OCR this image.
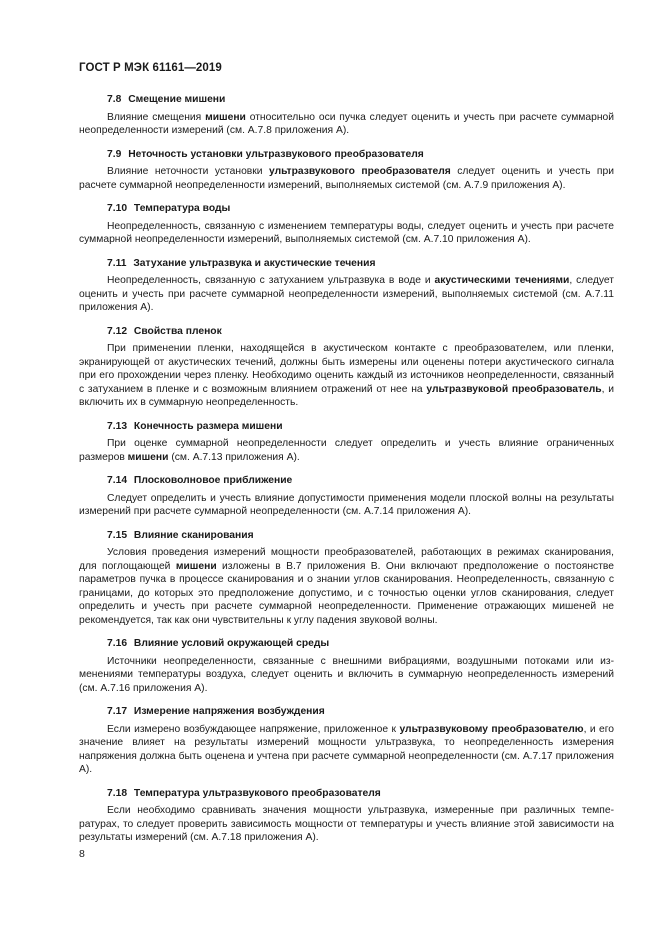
ГОСТ Р МЭК 61161—2019
7.8 Смещение мишени

Влияние смещения мишени относительно оси пучка следует оценить и учесть при расчете суммарной неопределенности измерений (см. А.7.8 приложения А).

7.9 Неточность установки ультразвукового преобразователя

Влияние неточности установки ультразвукового преобразователя следует оценить и учесть при расчете суммарной неопределенности измерений, выполняемых системой (см. А.7.9 приложения А).

7.10 Температура воды

Неопределенность, связанную с изменением температуры воды, следует оценить и учесть при расчете суммарной неопределенности измерений, выполняемых системой (см. А.7.10 приложения А).

7.11 Затухание ультразвука и акустические течения

Неопределенность, связанную с затуханием ультразвука в воде и акустическими течениями, следует оценить и учесть при расчете суммарной неопределенности измерений, выполняемых системой (см. А.7.11 приложения А).

7.12 Свойства пленок

При применении пленки, находящейся в акустическом контакте с преобразователем, или пленки, экранирующей от акустических течений, должны быть измерены или оценены потери акустического сигнала при его прохождении через пленку. Необходимо оценить каждый из источников неопределенности, связанный с затуханием в пленке и с возможным влиянием отражений от нее на ультразвуковой преобразователь, и включить их в суммарную неопределенность.

7.13 Конечность размера мишени

При оценке суммарной неопределенности следует определить и учесть влияние ограниченных размеров мишени (см. А.7.13 приложения А).

7.14 Плосковолновое приближение

Следует определить и учесть влияние допустимости применения модели плоской волны на результаты измерений при расчете суммарной неопределенности (см. А.7.14 приложения А).

7.15 Влияние сканирования

Условия проведения измерений мощности преобразователей, работающих в режимах сканирования, для поглощающей мишени изложены в В.7 приложения В. Они включают предположение о постоянстве параметров пучка в процессе сканирования и о знании углов сканирования. Неопределенность, связанную с границами, до которых это предположение допустимо, и с точностью оценки углов сканирования, следует определить и учесть при расчете суммарной неопределенности. Применение отражающих мишеней не рекомендуется, так как они чувствительны к углу падения звуковой волны.

7.16 Влияние условий окружающей среды

Источники неопределенности, связанные с внешними вибрациями, воздушными потоками или изменениями температуры воздуха, следует оценить и включить в суммарную неопределенность измерений (см. А.7.16 приложения А).

7.17 Измерение напряжения возбуждения

Если измерено возбуждающее напряжение, приложенное к ультразвуковому преобразователю, и его значение влияет на результаты измерений мощности ультразвука, то неопределенность измерения напряжения должна быть оценена и учтена при расчете суммарной неопределенности (см. А.7.17 приложения А).

7.18 Температура ультразвукового преобразователя

Если необходимо сравнивать значения мощности ультразвука, измеренные при различных температурах, то следует проверить зависимость мощности от температуры и учесть влияние этой зависимости на результаты измерений (см. А.7.18 приложения А).

8
